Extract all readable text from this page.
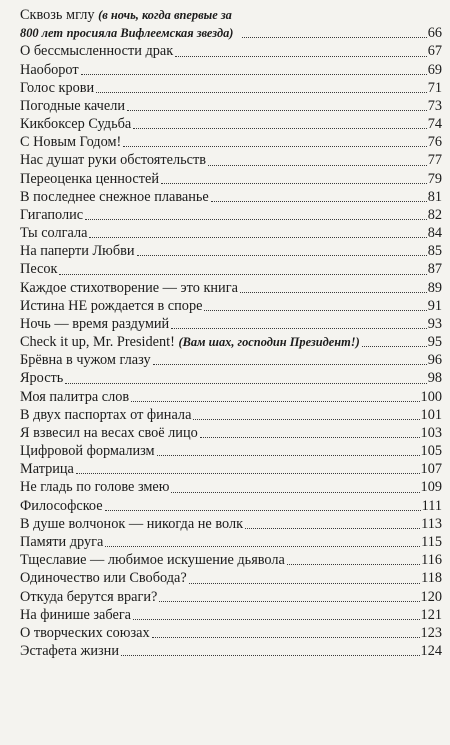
Сквозь мглу (в ночь, когда впервые за 800 лет просияла Вифлеемская звезда)	66
О бессмысленности драк	67
Наоборот	69
Голос крови	71
Погодные качели	73
Кикбоксер Судьба	74
С Новым Годом!	76
Нас душат руки обстоятельств	77
Переоценка ценностей	79
В последнее снежное плаванье	81
Гигаполис	82
Ты солгала	84
На паперти Любви	85
Песок	87
Каждое стихотворение — это книга	89
Истина НЕ рождается в споре	91
Ночь — время раздумий	93
Check it up, Mr. President!
(Вам шах, господин Президент!)	95
Брёвна в чужом глазу	96
Ярость	98
Моя палитра слов	100
В двух паспортах от финала	101
Я взвесил на весах своё лицо	103
Цифровой формализм	105
Матрица	107
Не гладь по голове змею	109
Философское	111
В душе волчонок — никогда не волк	113
Памяти друга	115
Тщеславие — любимое искушение дьявола	116
Одиночество или Свобода?	118
Откуда берутся враги?	120
На финише забега	121
О творческих союзах	123
Эстафета жизни	124
